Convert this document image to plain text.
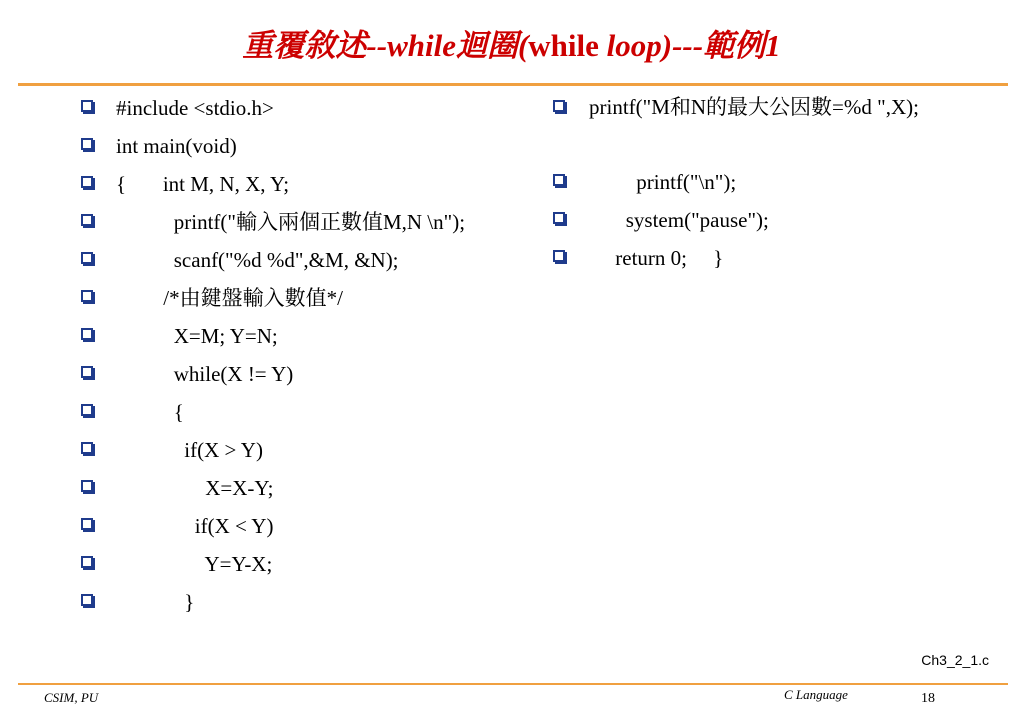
重覆敘述--while迴圈(while loop)---範例1
#include <stdio.h>
int main(void)
{       int M, N, X, Y;
printf("輸入兩個正數值M,N \n");
scanf("%d %d",&M, &N);
/*由鍵盤輸入數值*/
X=M; Y=N;
while(X != Y)
{
if(X > Y)
X=X-Y;
if(X < Y)
Y=Y-X;
}
printf("M和N的最大公因數=%d ",X);
printf("\n");
system("pause");
return 0;     }
Ch3_2_1.c
CSIM, PU	C Language	18
